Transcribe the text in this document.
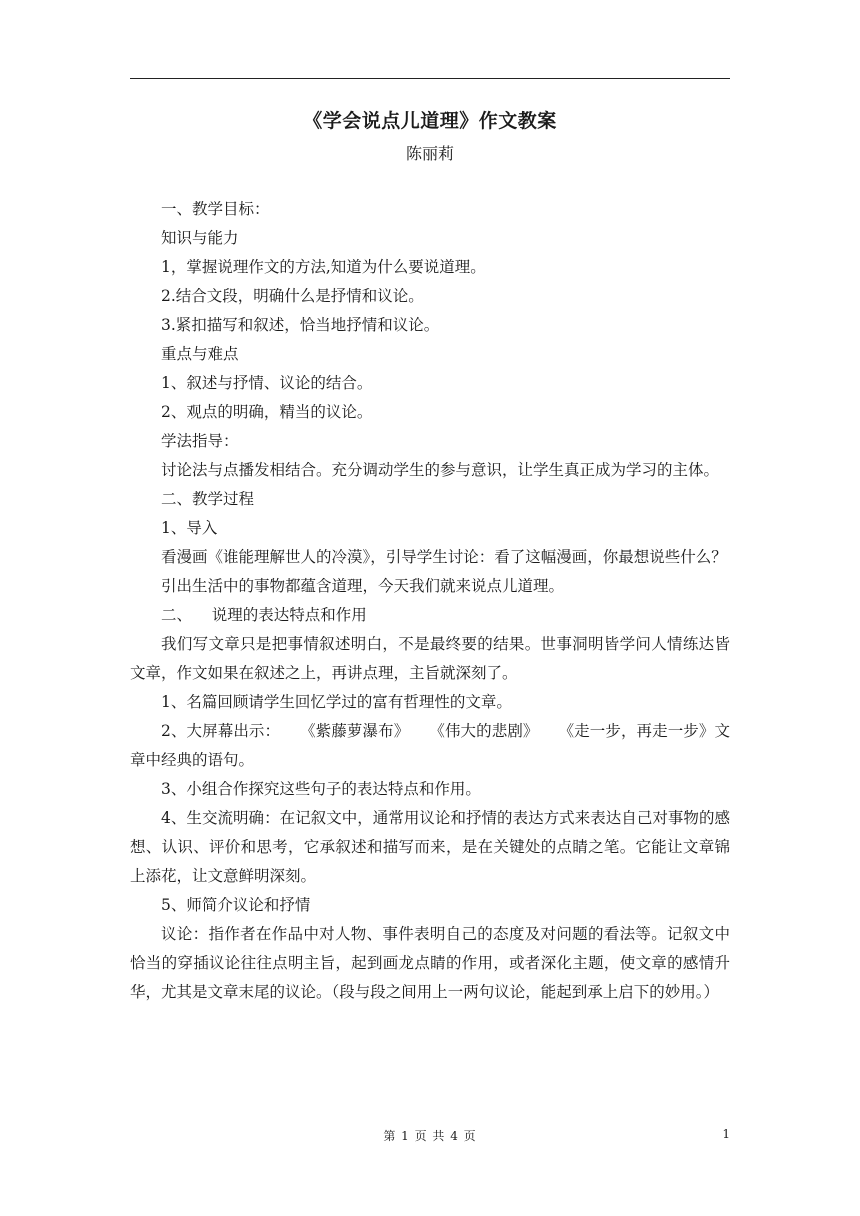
《学会说点儿道理》作文教案
陈丽莉

一、教学目标：

知识与能力

1，掌握说理作文的方法,知道为什么要说道理。

2.结合文段，明确什么是抒情和议论。

3.紧扣描写和叙述，恰当地抒情和议论。

重点与难点

1、叙述与抒情、议论的结合。

2、观点的明确，精当的议论。

学法指导：

讨论法与点播发相结合。充分调动学生的参与意识，让学生真正成为学习的主体。

二、教学过程

1、导入

看漫画《谁能理解世人的冷漠》，引导学生讨论：看了这幅漫画，你最想说些什么？

引出生活中的事物都蕴含道理，今天我们就来说点儿道理。

二、    说理的表达特点和作用

我们写文章只是把事情叙述明白，不是最终要的结果。世事洞明皆学问人情练达皆文章，作文如果在叙述之上，再讲点理，主旨就深刻了。

1、名篇回顾请学生回忆学过的富有哲理性的文章。

2、大屏幕出示：    《紫藤萝瀑布》    《伟大的悲剧》    《走一步，再走一步》文章中经典的语句。

3、小组合作探究这些句子的表达特点和作用。

4、生交流明确：在记叙文中，通常用议论和抒情的表达方式来表达自己对事物的感想、认识、评价和思考，它承叙述和描写而来，是在关键处的点睛之笔。它能让文章锦上添花，让文意鲜明深刻。

5、师简介议论和抒情

议论：指作者在作品中对人物、事件表明自己的态度及对问题的看法等。记叙文中恰当的穿插议论往往点明主旨，起到画龙点睛的作用，或者深化主题，使文章的感情升华，尤其是文章末尾的议论。（段与段之间用上一两句议论，能起到承上启下的妙用。）

第 1 页 共 4 页	1
